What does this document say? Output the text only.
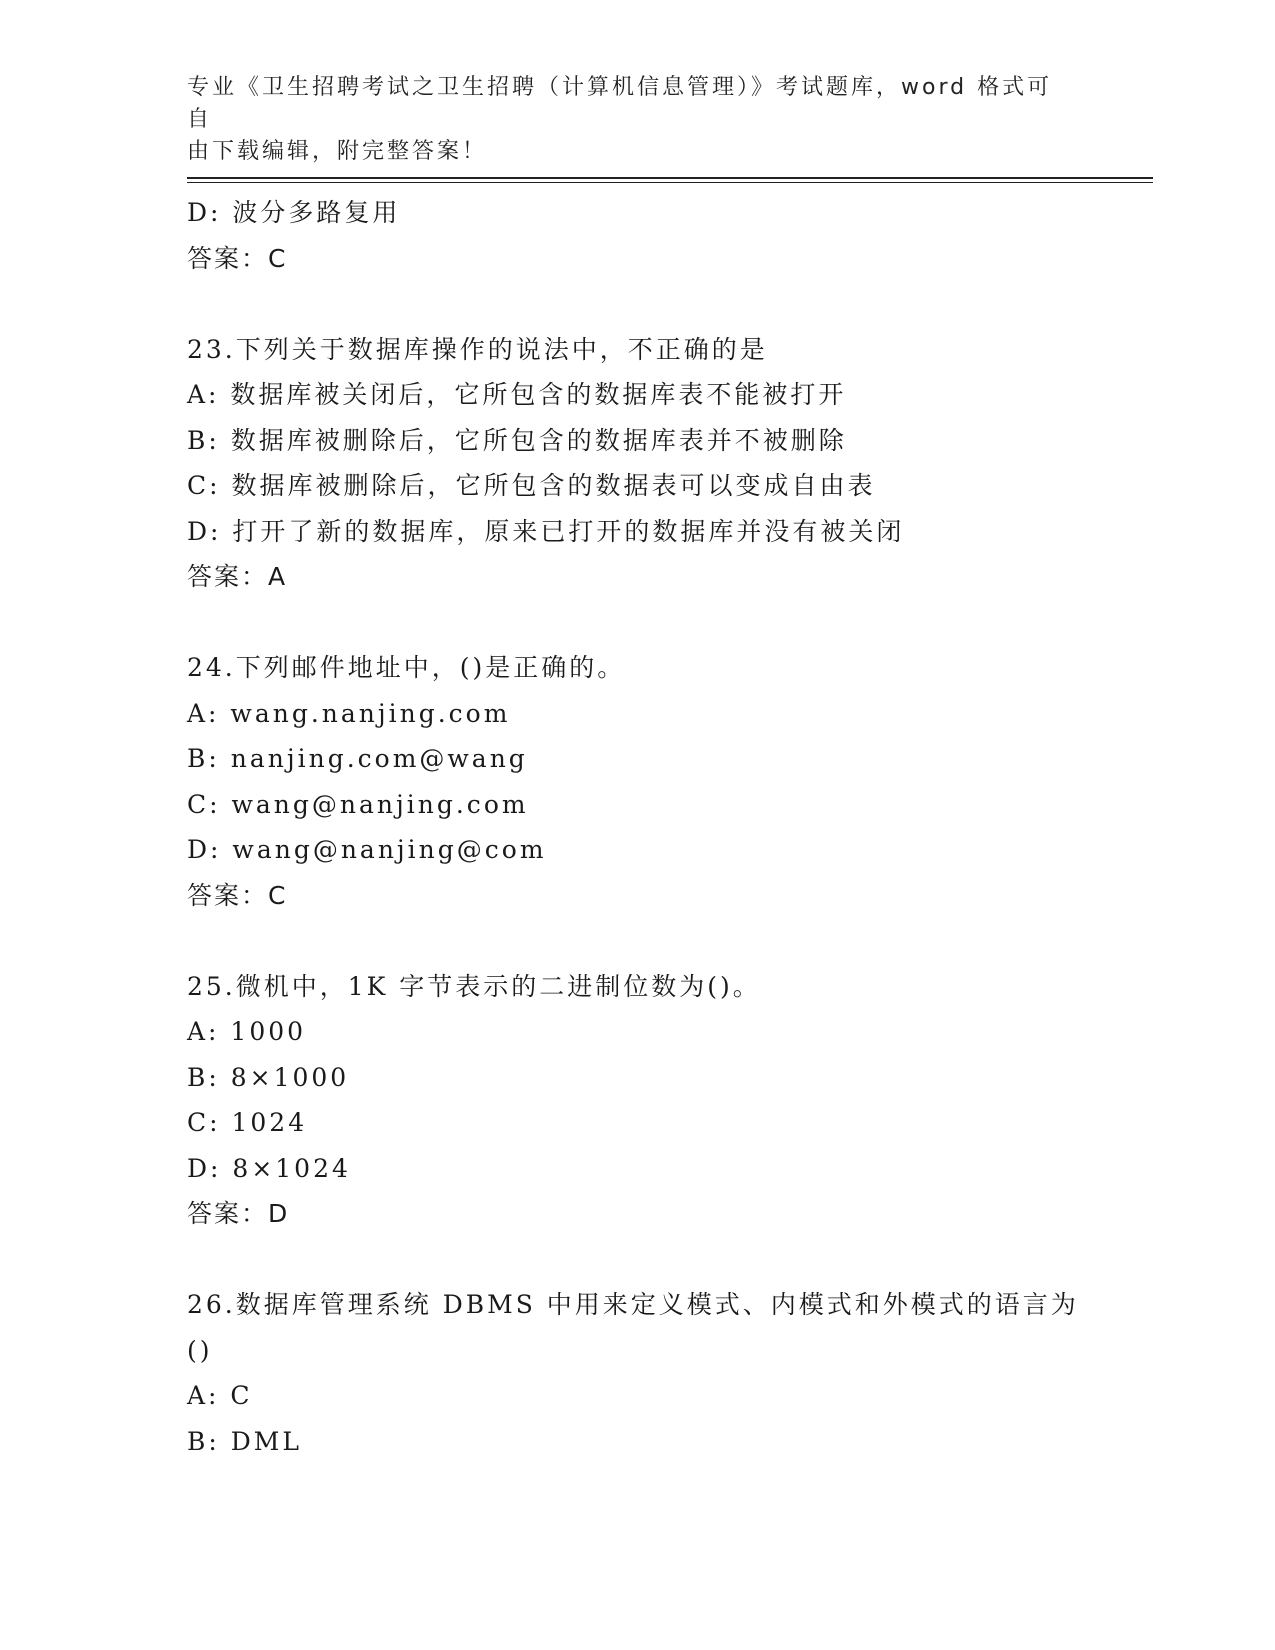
专业《卫生招聘考试之卫生招聘（计算机信息管理）》考试题库，word 格式可自
由下载编辑，附完整答案！
D: 波分多路复用
答案：C
23.下列关于数据库操作的说法中，不正确的是
A: 数据库被关闭后，它所包含的数据库表不能被打开
B: 数据库被删除后，它所包含的数据库表并不被删除
C: 数据库被删除后，它所包含的数据表可以变成自由表
D: 打开了新的数据库，原来已打开的数据库并没有被关闭
答案：A
24.下列邮件地址中，()是正确的。
A: wang.nanjing.com
B: nanjing.com@wang
C: wang@nanjing.com
D: wang@nanjing@com
答案：C
25.微机中，1K 字节表示的二进制位数为()。
A: 1000
B: 8×1000
C: 1024
D: 8×1024
答案：D
26.数据库管理系统 DBMS 中用来定义模式、内模式和外模式的语言为
()
A: C
B: DML
